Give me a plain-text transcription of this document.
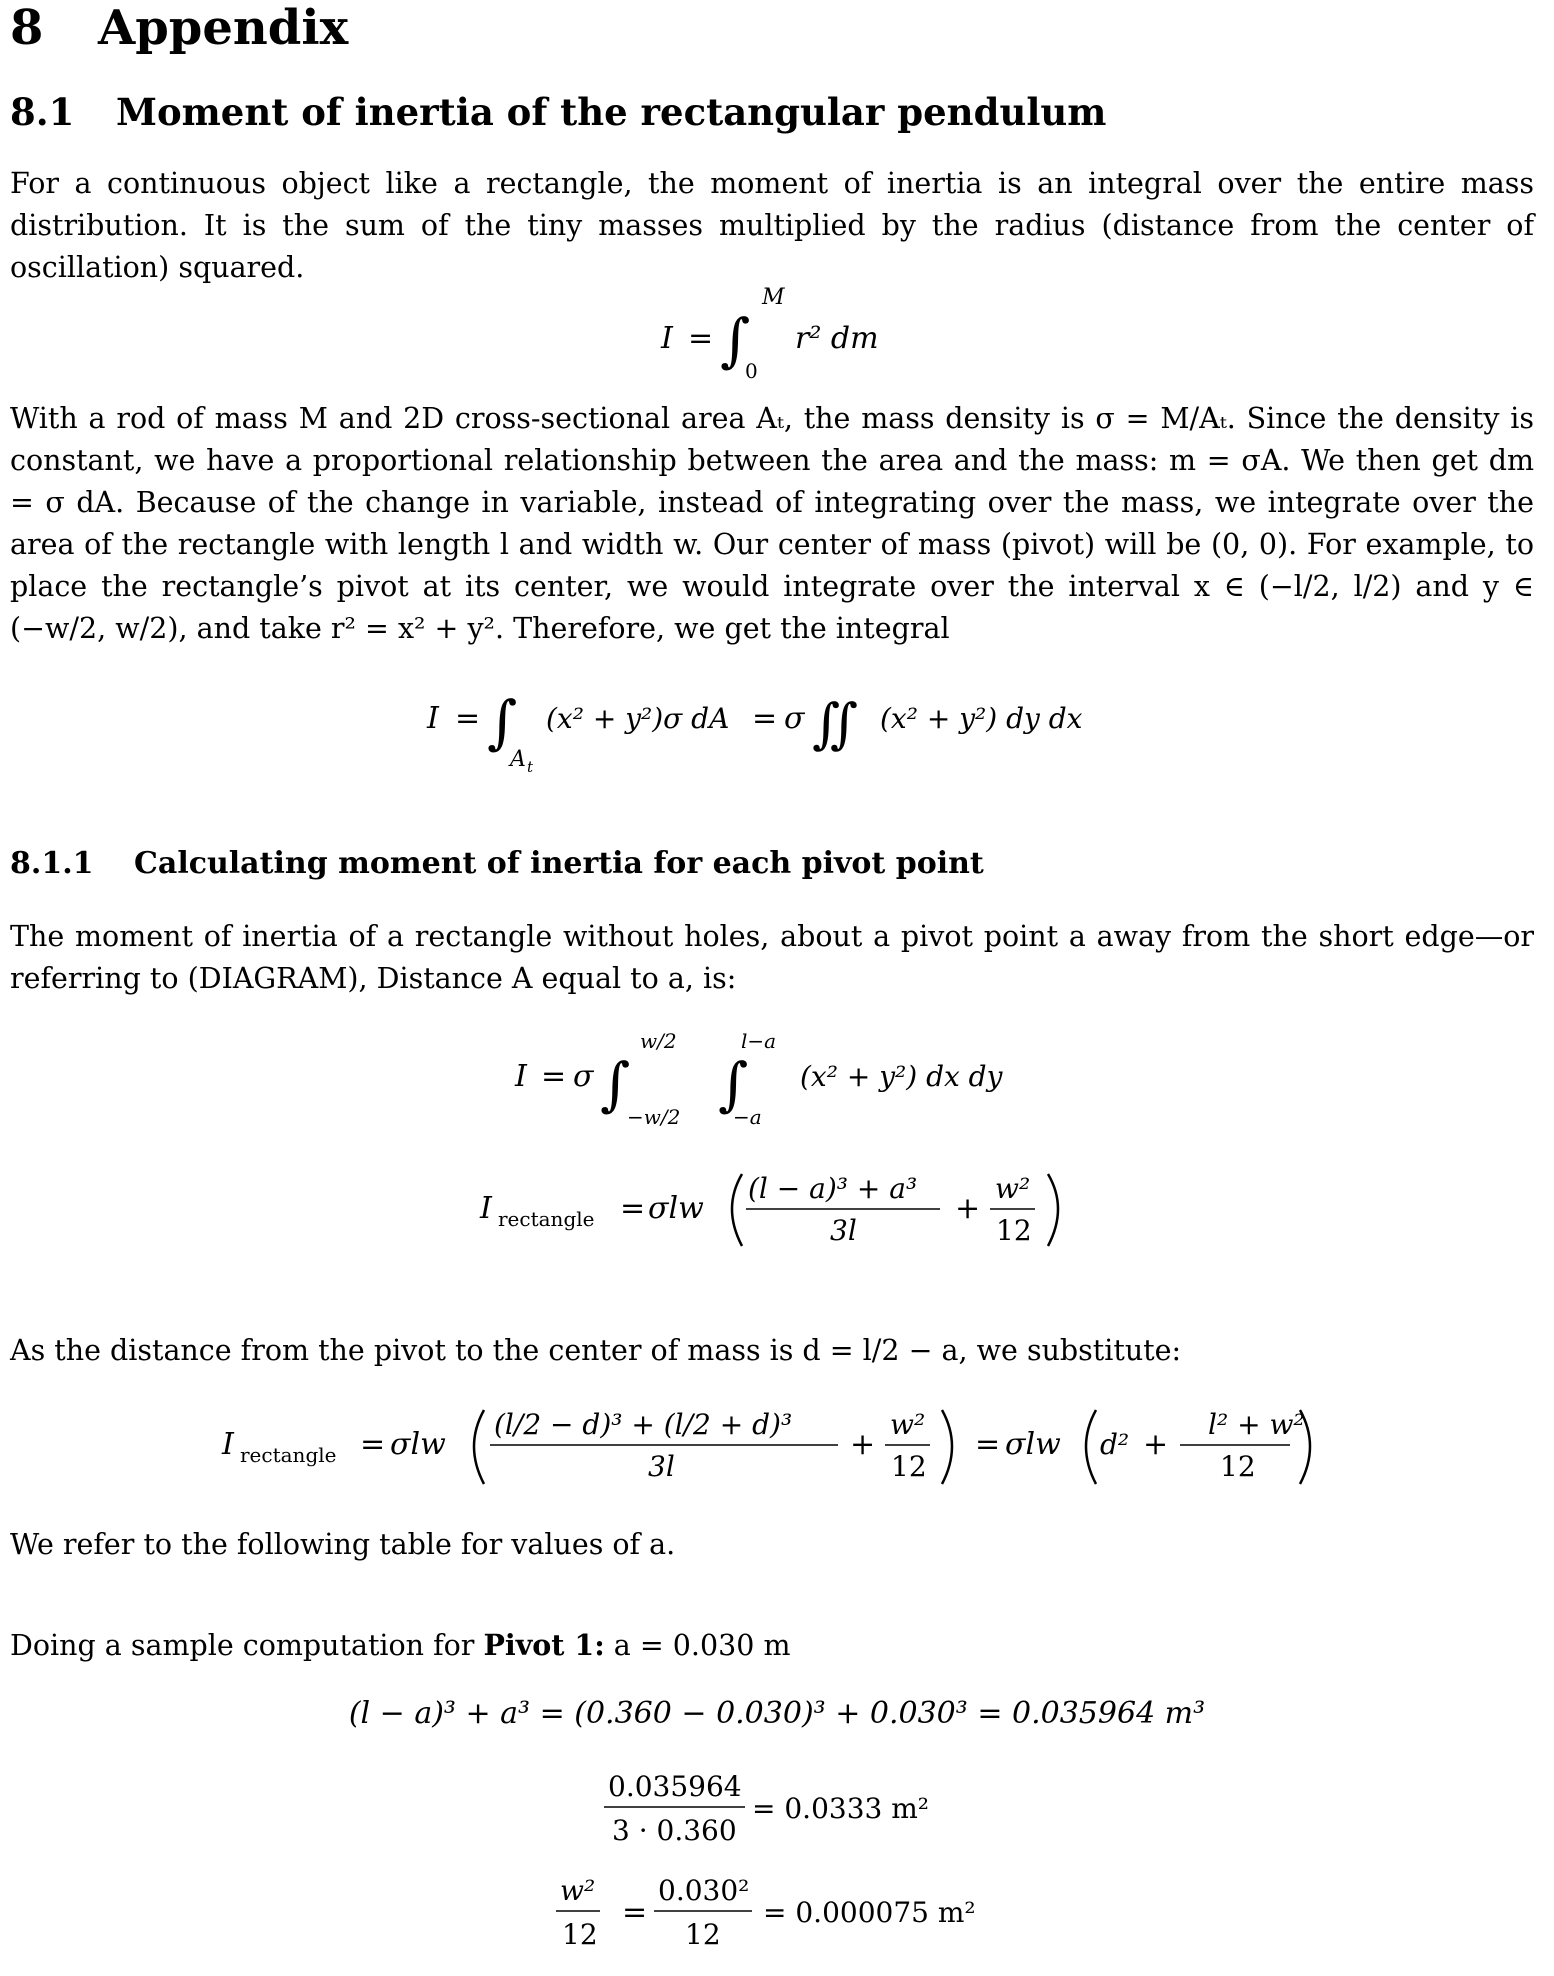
8 Appendix
8.1 Moment of inertia of the rectangular pendulum

For a continuous object like a rectangle, the moment of inertia is an integral over the entire mass distribution. It is the sum of the tiny masses multiplied by the radius (distance from the center of oscillation) squared.

I = ∫
M
0
r² dm

With a rod of mass M and 2D cross-sectional area Aₜ, the mass density is σ = M/Aₜ. Since the density is constant, we have a proportional relationship between the area and the mass: m = σA. We then get dm = σ dA. Because of the change in variable, instead of integrating over the mass, we integrate over the area of the rectangle with length l and width w. Our center of mass (pivot) will be (0, 0). For example, to place the rectangle’s pivot at its center, we would integrate over the interval x ∈ (−l/2, l/2) and y ∈ (−w/2, w/2), and take r² = x² + y². Therefore, we get the integral

I = ∫
A t
(x² + y²)σ dA = σ ∬ (x² + y²) dy dx
8.1.1 Calculating moment of inertia for each pivot point

The moment of inertia of a rectangle without holes, about a pivot point a away from the short edge—or referring to (DIAGRAM), Distance A equal to a, is:

I = σ ∫
w/2
−w/2 ∫
l−a
−a
(x² + y²) dx dy
I rectangle = σlw
(l − a)³ + a³
3l
+
w²
12

As the distance from the pivot to the center of mass is d = l/2 − a, we substitute:

I rectangle = σlw
(l/2 − d)³ + (l/2 + d)³
3l
+
w²
12
= σlw d² +
l² + w²
12

We refer to the following table for values of a.

Doing a sample computation for Pivot 1: a = 0.030 m

(l − a)³ + a³ = (0.360 − 0.030)³ + 0.030³ = 0.035964 m³
0.035964
3 · 0.360
= 0.0333 m²
w²
12
=
0.030²
12
= 0.000075 m²
